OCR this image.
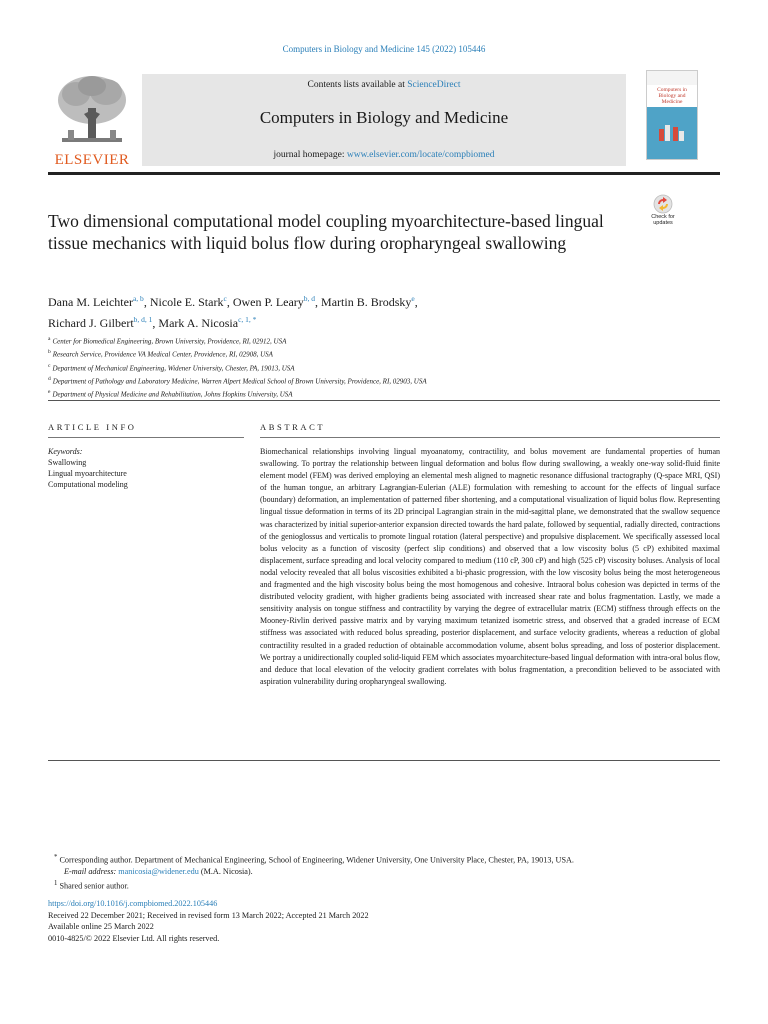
Computers in Biology and Medicine 145 (2022) 105446
ELSEVIER
Contents lists available at ScienceDirect
Computers in Biology and Medicine
journal homepage: www.elsevier.com/locate/compbiomed
Computers in Biology and Medicine
Check for updates
Two dimensional computational model coupling myoarchitecture-based lingual tissue mechanics with liquid bolus flow during oropharyngeal swallowing
Dana M. Leichter$^{a, b}$, Nicole E. Stark$^c$, Owen P. Leary$^{b, d}$, Martin B. Brodsky$^e$,
Richard J. Gilbert$^{b, d, 1}$, Mark A. Nicosia$^{c, 1, *}$
$^a$ Center for Biomedical Engineering, Brown University, Providence, RI, 02912, USA
$^b$ Research Service, Providence VA Medical Center, Providence, RI, 02908, USA
$^c$ Department of Mechanical Engineering, Widener University, Chester, PA, 19013, USA
$^d$ Department of Pathology and Laboratory Medicine, Warren Alpert Medical School of Brown University, Providence, RI, 02903, USA
$^e$ Department of Physical Medicine and Rehabilitation, Johns Hopkins University, USA
ARTICLE INFO	ABSTRACT
Keywords:
Swallowing
Lingual myoarchitecture
Computational modeling

Biomechanical relationships involving lingual myoanatomy, contractility, and bolus movement are fundamental properties of human swallowing. To portray the relationship between lingual deformation and bolus flow during swallowing, a weakly one-way solid-fluid finite element model (FEM) was derived employing an elemental mesh aligned to magnetic resonance diffusional tractography (Q-space MRI, QSI) of the human tongue, an arbitrary Lagrangian-Eulerian (ALE) formulation with remeshing to account for the effects of lingual surface (boundary) deformation, an implementation of patterned fiber shortening, and a computational visualization of liquid bolus flow. Representing lingual tissue deformation in terms of its 2D principal Lagrangian strain in the mid-sagittal plane, we demonstrated that the swallow sequence was characterized by initial superior-anterior expansion directed towards the hard palate, followed by sequential, radially directed, contractions of the genioglossus and verticalis to promote lingual rotation (lateral perspective) and propulsive displacement. We specifically assessed local bolus velocity as a function of viscosity (perfect slip conditions) and observed that a low viscosity bolus (5 cP) exhibited maximal displacement, surface spreading and local velocity compared to medium (110 cP, 300 cP) and high (525 cP) viscosity boluses. Analysis of local nodal velocity revealed that all bolus viscosities exhibited a bi-phasic progression, with the low viscosity bolus being the most heterogeneous and fragmented and the high viscosity bolus being the most homogenous and cohesive. Intraoral bolus cohesion was depicted in terms of the distributed velocity gradient, with higher gradients being associated with increased shear rate and bolus fragmentation. Lastly, we made a sensitivity analysis on tongue stiffness and contractility by varying the degree of extracellular matrix (ECM) stiffness through effects on the Mooney-Rivlin derived passive matrix and by varying maximum tetanized isometric stress, and observed that a graded increase of ECM stiffness was associated with reduced bolus spreading, posterior displacement, and surface velocity gradients, whereas a reduction of global contractility resulted in a graded reduction of obtainable accommodation volume, absent bolus spreading, and loss of posterior displacement. We portray a unidirectionally coupled solid-liquid FEM which associates myoarchitecture-based lingual deformation with intra-oral bolus flow, and deduce that local elevation of the velocity gradient correlates with bolus fragmentation, a precondition believed to be associated with aspiration vulnerability during oropharyngeal swallowing.

* Corresponding author. Department of Mechanical Engineering, School of Engineering, Widener University, One University Place, Chester, PA, 19013, USA.
E-mail address: manicosia@widener.edu (M.A. Nicosia).
$^1$ Shared senior author.
https://doi.org/10.1016/j.compbiomed.2022.105446
Received 22 December 2021; Received in revised form 13 March 2022; Accepted 21 March 2022
Available online 25 March 2022
0010-4825/© 2022 Elsevier Ltd. All rights reserved.
